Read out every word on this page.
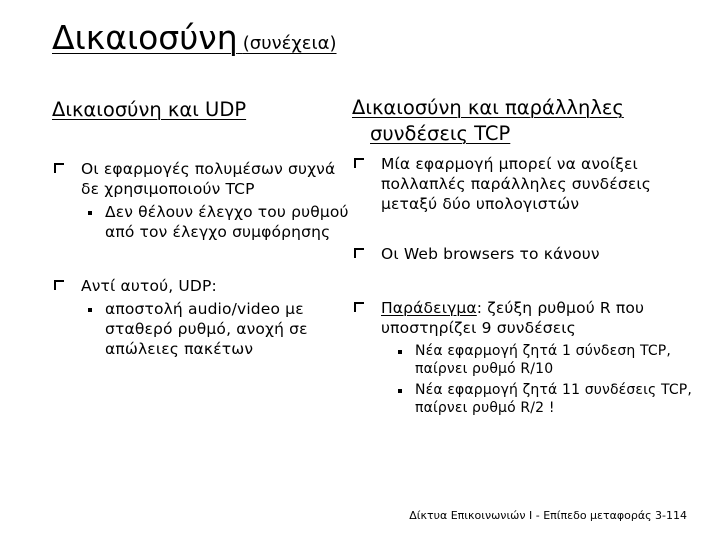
Δικαιοσύνη (συνέχεια)
Δικαιοσύνη και UDP	Δικαιοσύνη και παράλληλες
συνδέσεις TCP
Οι εφαρμογές πολυμέσων συχνά δε χρησιμοποιούν TCP
Δεν θέλουν έλεγχο του ρυθμού από τον έλεγχο συμφόρησης
Αντί αυτού, UDP:
αποστολή audio/video με σταθερό ρυθμό, ανοχή σε απώλειες πακέτων
Μία εφαρμογή μπορεί να ανοίξει πολλαπλές παράλληλες συνδέσεις μεταξύ δύο υπολογιστών
Οι Web browsers το κάνουν
Παράδειγμα: ζεύξη ρυθμού R που υποστηρίζει 9 συνδέσεις
Νέα εφαρμογή ζητά 1 σύνδεση TCP, παίρνει ρυθμό R/10
Νέα εφαρμογή ζητά 11 συνδέσεις TCP, παίρνει ρυθμό R/2 !
Δίκτυα Επικοινωνιών Ι - Επίπεδο μεταφοράς 3-114
